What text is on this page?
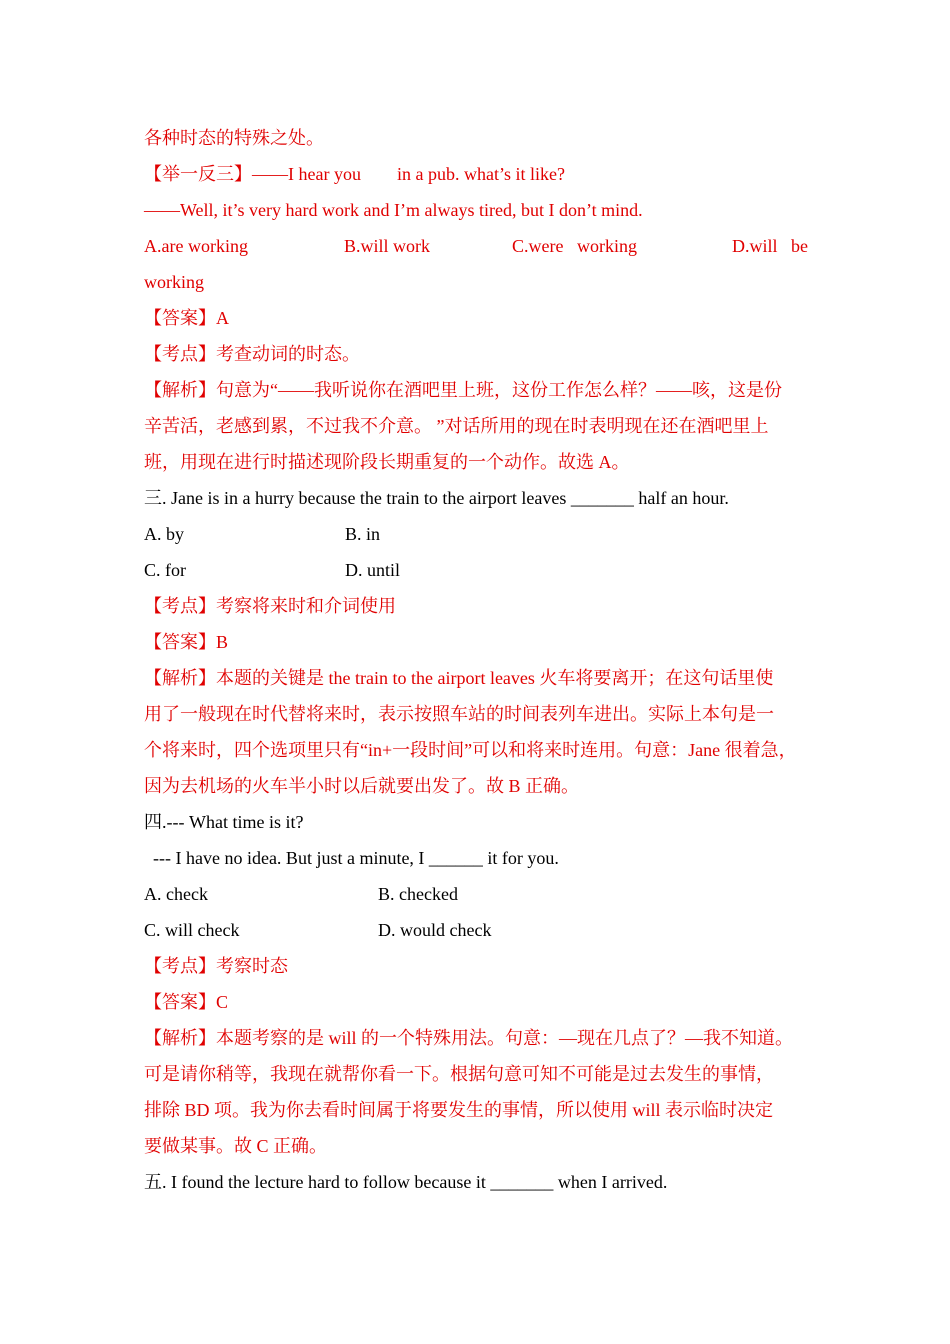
各种时态的特殊之处。
【举一反三】——I hear you        in a pub. what’s it like?
——Well, it’s very hard work and I’m always tired, but I don’t mind.
A.are working	B.will work	C.were   working	D.will   be
working
【答案】A
【考点】考查动词的时态。
【解析】句意为“——我听说你在酒吧里上班，这份工作怎么样？——咳，这是份
辛苦活，老感到累，不过我不介意。 ”对话所用的现在时表明现在还在酒吧里上
班，用现在进行时描述现阶段长期重复的一个动作。故选 A。
三. Jane is in a hurry because the train to the airport leaves _______ half an hour.
A. by	B. in
C. for	D. until
【考点】考察将来时和介词使用
【答案】B
【解析】本题的关键是 the train to the airport leaves 火车将要离开；在这句话里使
用了一般现在时代替将来时，表示按照车站的时间表列车进出。实际上本句是一
个将来时，四个选项里只有“in+一段时间”可以和将来时连用。句意：Jane 很着急，
因为去机场的火车半小时以后就要出发了。故 B 正确。
四.--- What time is it?
--- I have no idea. But just a minute, I ______ it for you.
A. check	B. checked
C. will check	D. would check
【考点】考察时态
【答案】C
【解析】本题考察的是 will 的一个特殊用法。句意：—现在几点了？—我不知道。
可是请你稍等，我现在就帮你看一下。根据句意可知不可能是过去发生的事情，
排除 BD 项。我为你去看时间属于将要发生的事情，所以使用 will 表示临时决定
要做某事。故 C 正确。
五. I found the lecture hard to follow because it _______ when I arrived.
